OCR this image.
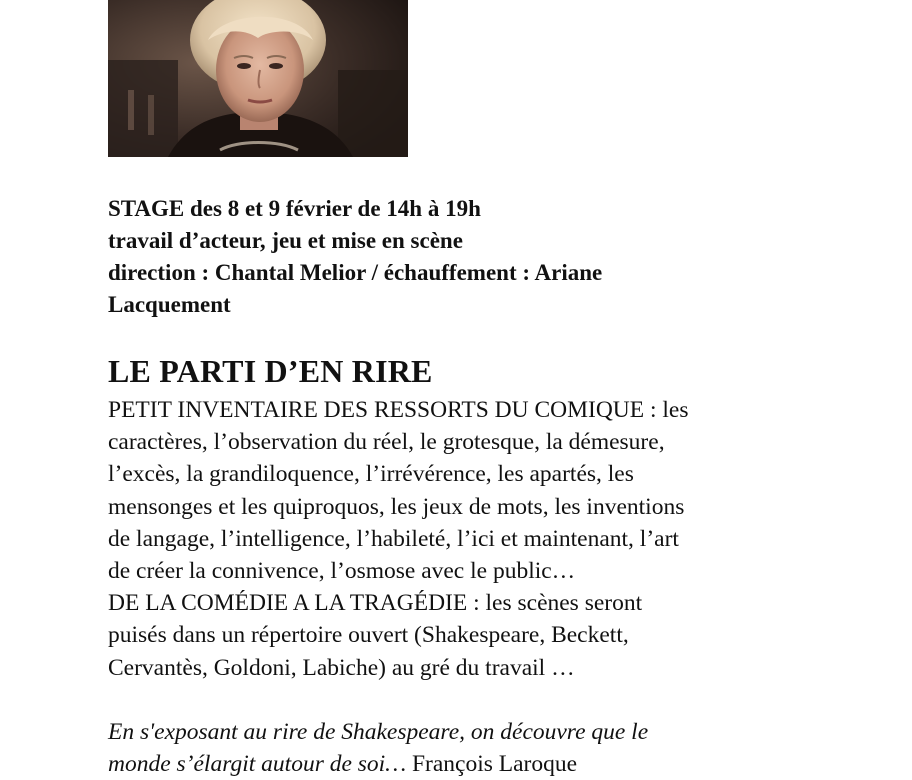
STAGE des 8 et 9 février de 14h à 19h
travail d’acteur, jeu et mise en scène
direction : Chantal Melior / échauffement : Ariane
Lacquement
LE PARTI D’EN RIRE
PETIT INVENTAIRE DES RESSORTS DU COMIQUE : les
caractères, l’observation du réel, le grotesque, la démesure,
l’excès, la grandiloquence, l’irrévérence, les apartés, les
mensonges et les quiproquos, les jeux de mots, les inventions
de langage, l’intelligence, l’habileté, l’ici et maintenant, l’art
de créer la connivence, l’osmose avec le public…
DE LA COMÉDIE A LA TRAGÉDIE : les scènes seront
puisés dans un répertoire ouvert (Shakespeare, Beckett,
Cervantès, Goldoni, Labiche) au gré du travail …
En s'exposant au rire de Shakespeare, on découvre que le
monde s’élargit autour de soi… François Laroque
